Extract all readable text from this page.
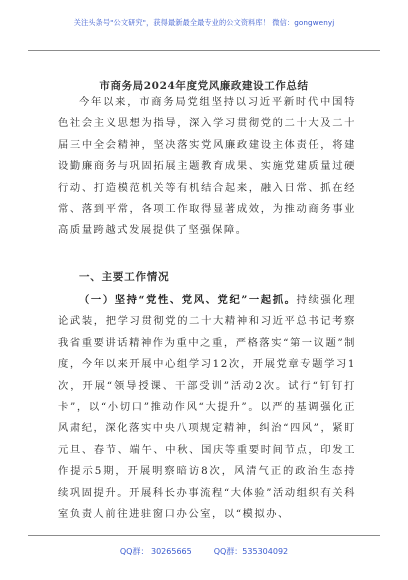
关注头条号"公文研究"，获得最新最全最专业的公文资料库！ 微信：gongwenyj
市商务局2024年度党风廉政建设工作总结

今年以来，市商务局党组坚持以习近平新时代中国特色社会主义思想为指导，深入学习贯彻党的二十大及二十届三中全会精神，坚决落实党风廉政建设主体责任，将建设勤廉商务与巩固拓展主题教育成果、实施党建质量过硬行动、打造模范机关等有机结合起来，融入日常、抓在经常、落到平常，各项工作取得显著成效，为推动商务事业高质量跨越式发展提供了坚强保障。

一、主要工作情况

（一）坚持“党性、党风、党纪”一起抓。持续强化理论武装，把学习贯彻党的二十大精神和习近平总书记考察我省重要讲话精神作为重中之重，严格落实“第一议题”制度，今年以来开展中心组学习12次，开展党章专题学习1次，开展“领导授课、干部受训”活动2次。试行“钉钉打卡”，以“小切口”推动作风“大提升”。以严的基调强化正风肃纪，深化落实中央八项规定精神，纠治“四风”，紧盯元旦、春节、端午、中秋、国庆等重要时间节点，印发工作提示5期，开展明察暗访8次，风清气正的政治生态持续巩固提升。开展科长办事流程“大体验”活动组织有关科室负责人前往进驻窗口办公室，以“模拟办、

QQ群： 30265665	QQ群：535304092
